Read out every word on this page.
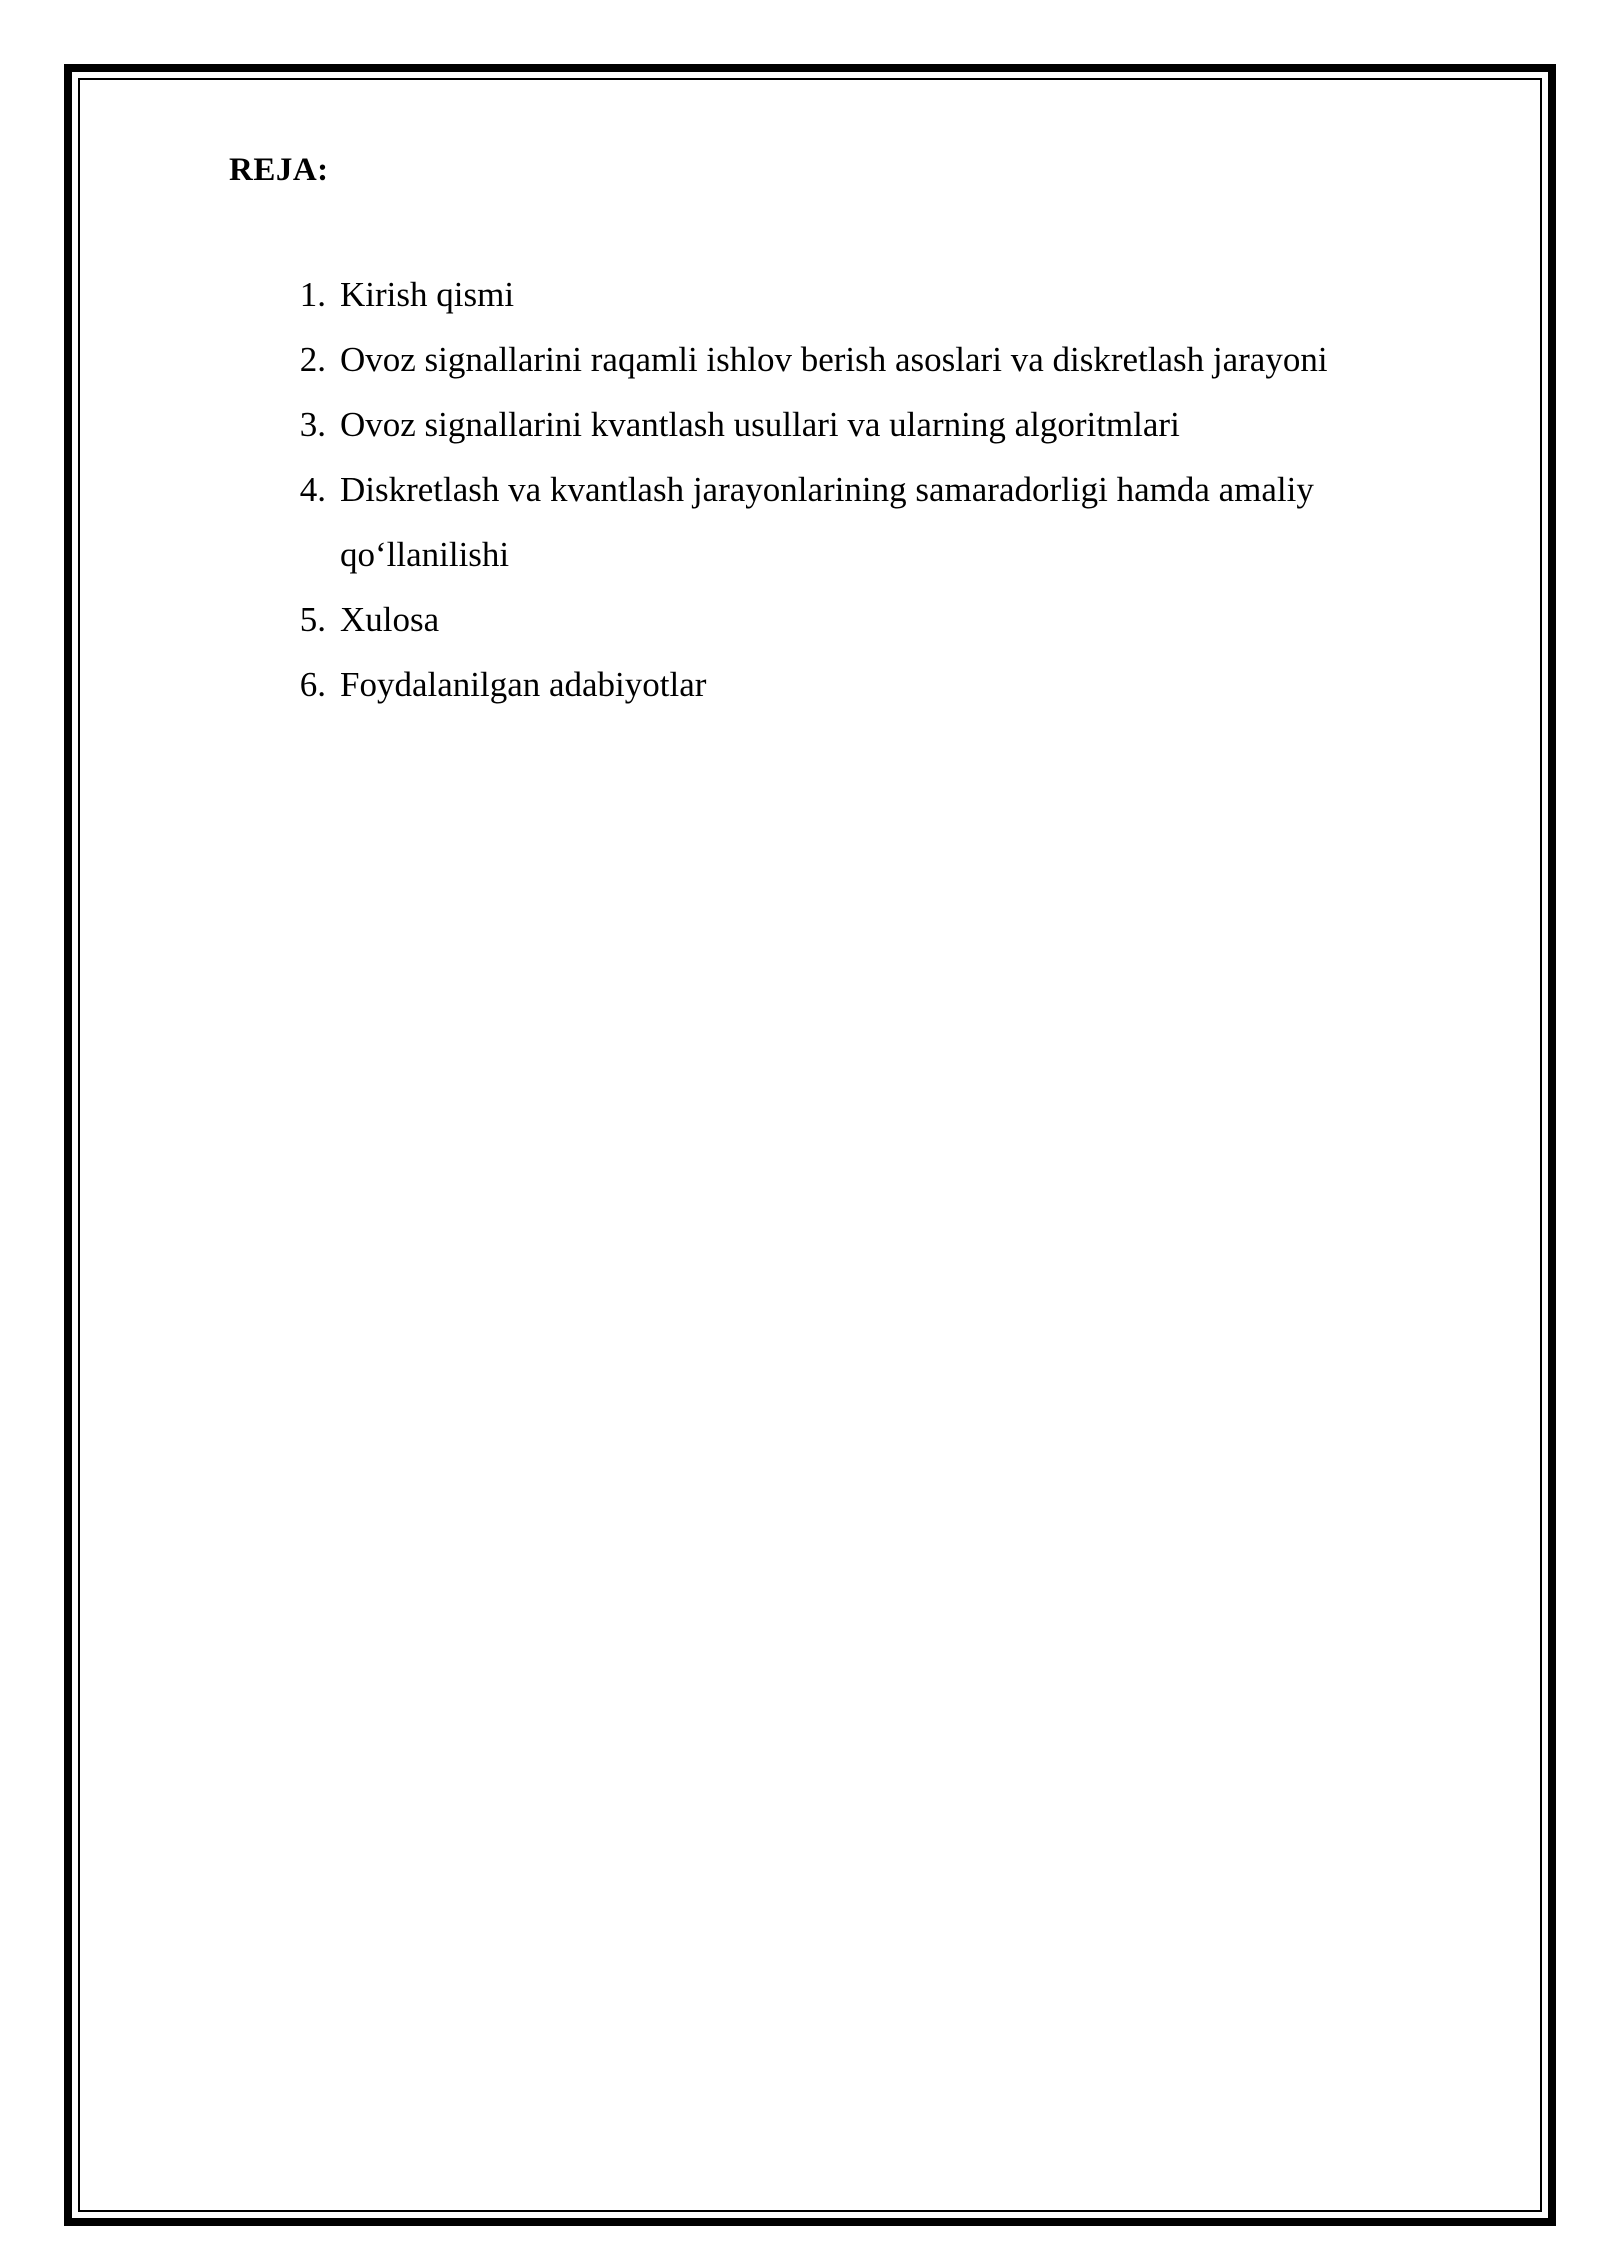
REJA:
1. Kirish qismi
2. Ovoz signallarini raqamli ishlov berish asoslari va diskretlash jarayoni
3. Ovoz signallarini kvantlash usullari va ularning algoritmlari
4. Diskretlash va kvantlash jarayonlarining samaradorligi hamda amaliy qo‘llanilishi
5. Xulosa
6. Foydalanilgan adabiyotlar
